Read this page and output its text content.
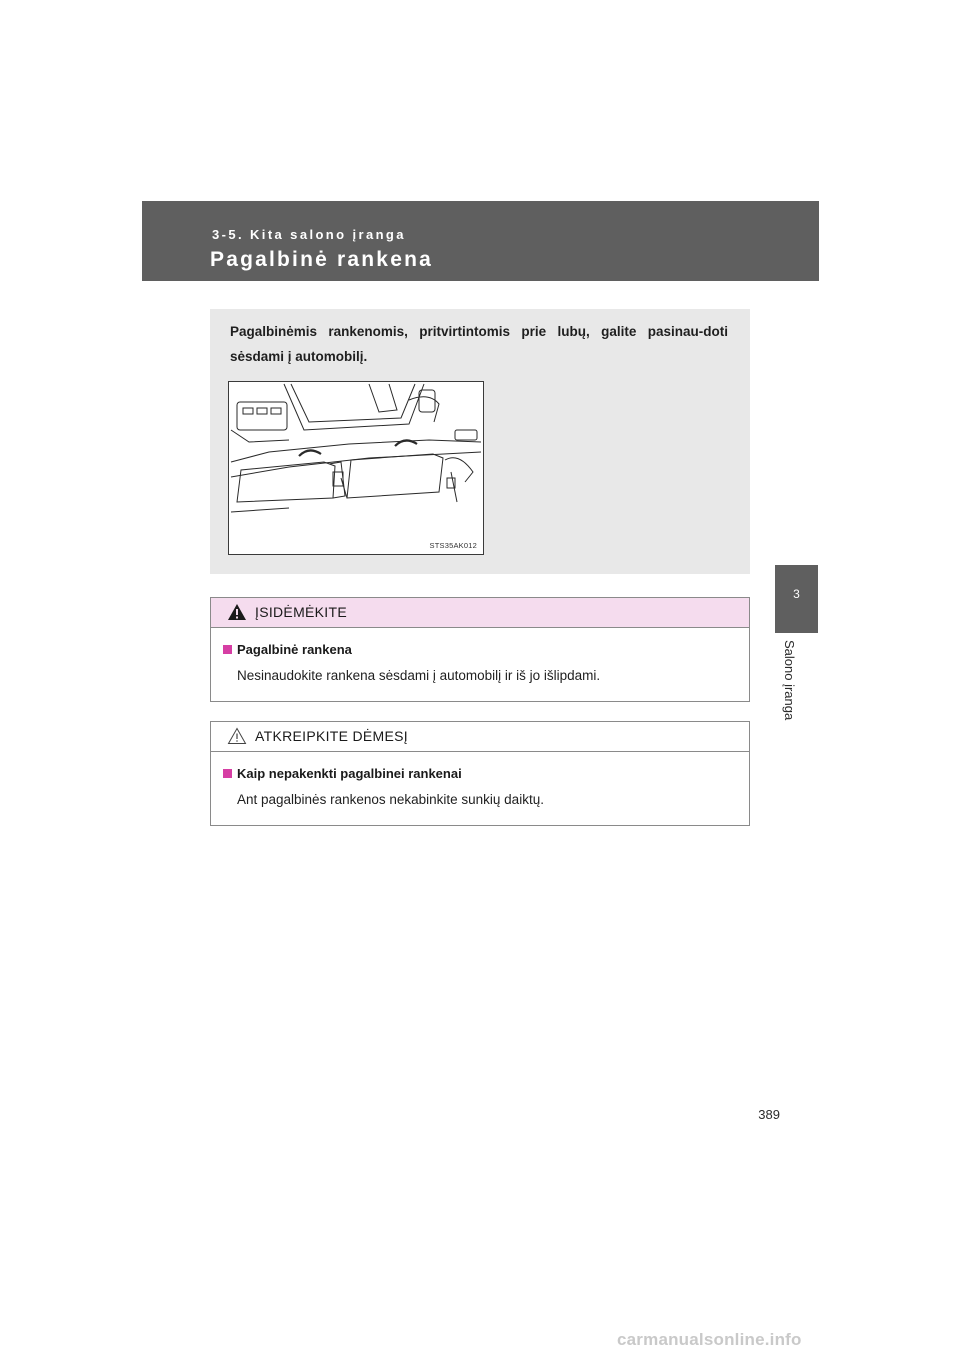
3-5. Kita salono įranga
Pagalbinė rankena
3
Salono įranga
Pagalbinėmis rankenomis, pritvirtintomis prie lubų, galite pasinau-doti sėsdami į automobilį.
STS35AK012
ĮSIDĖMĖKITE
Pagalbinė rankena
Nesinaudokite rankena sėsdami į automobilį ir iš jo išlipdami.
ATKREIPKITE DĖMESĮ
Kaip nepakenkti pagalbinei rankenai
Ant pagalbinės rankenos nekabinkite sunkių daiktų.
389
carmanualsonline.info
